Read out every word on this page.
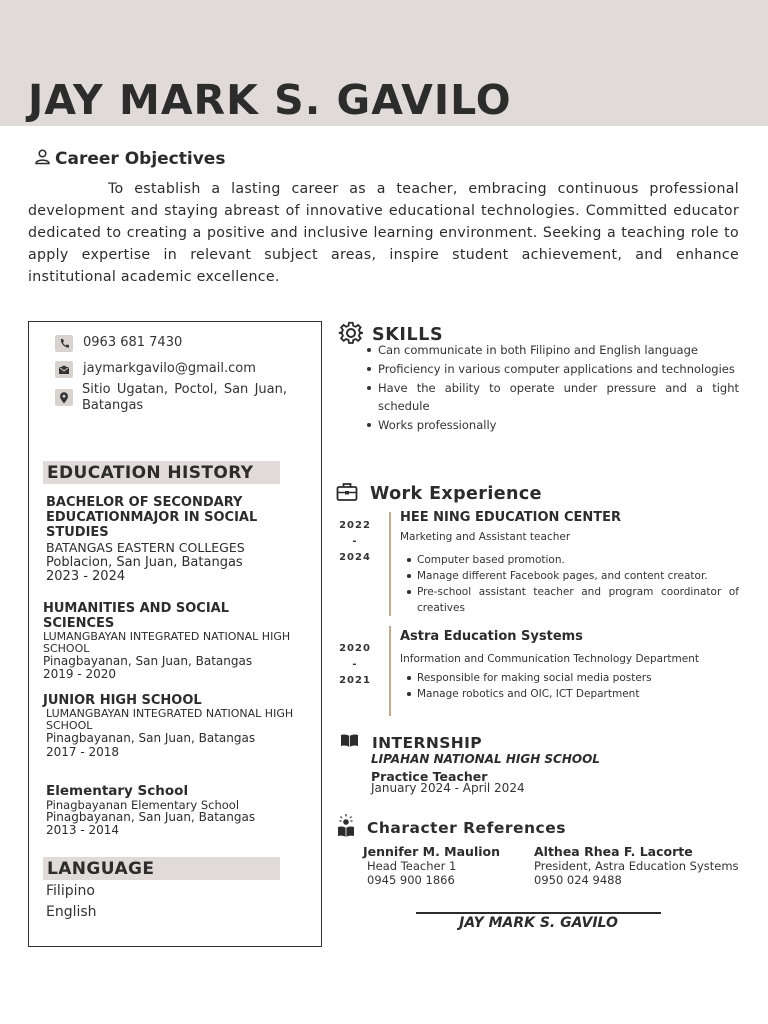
JAY MARK S. GAVILO
Career Objectives

To establish a lasting career as a teacher, embracing continuous professional development and staying abreast of innovative educational technologies. Committed educator dedicated to creating a positive and inclusive learning environment. Seeking a teaching role to apply expertise in relevant subject areas, inspire student achievement, and enhance institutional academic excellence.

0963 681 7430
jaymarkgavilo@gmail.com
Sitio Ugatan, Poctol, San Juan, Batangas
EDUCATION HISTORY
BACHELOR OF SECONDARY EDUCATIONMAJOR IN SOCIAL STUDIES
BATANGAS EASTERN COLLEGES
Poblacion, San Juan, Batangas
2023 - 2024
HUMANITIES AND SOCIAL SCIENCES
LUMANGBAYAN INTEGRATED NATIONAL HIGH SCHOOL
Pinagbayanan, San Juan, Batangas
2019 - 2020
JUNIOR HIGH SCHOOL
LUMANGBAYAN INTEGRATED NATIONAL HIGH SCHOOL
Pinagbayanan, San Juan, Batangas
2017 - 2018
Elementary School
Pinagbayanan Elementary School
Pinagbayanan, San Juan, Batangas
2013 - 2014
LANGUAGE
Filipino
English
SKILLS
Can communicate in both Filipino and English language
Proficiency in various computer applications and technologies
Have the ability to operate under pressure and a tight schedule
Works professionally
Work Experience
2022
-
2024
HEE NING EDUCATION CENTER
Marketing and Assistant teacher
Computer based promotion.
Manage different Facebook pages, and content creator.
Pre-school assistant teacher and program coordinator of creatives
2020
-
2021
Astra Education Systems
Information and Communication Technology Department
Responsible for making social media posters
Manage robotics and OIC, ICT Department
INTERNSHIP
LIPAHAN NATIONAL HIGH SCHOOL
Practice Teacher
January 2024 - April 2024
Character References
Jennifer M. Maulion
Head Teacher 1
0945 900 1866
Althea Rhea F. Lacorte
President, Astra Education Systems
0950 024 9488
JAY MARK S. GAVILO
